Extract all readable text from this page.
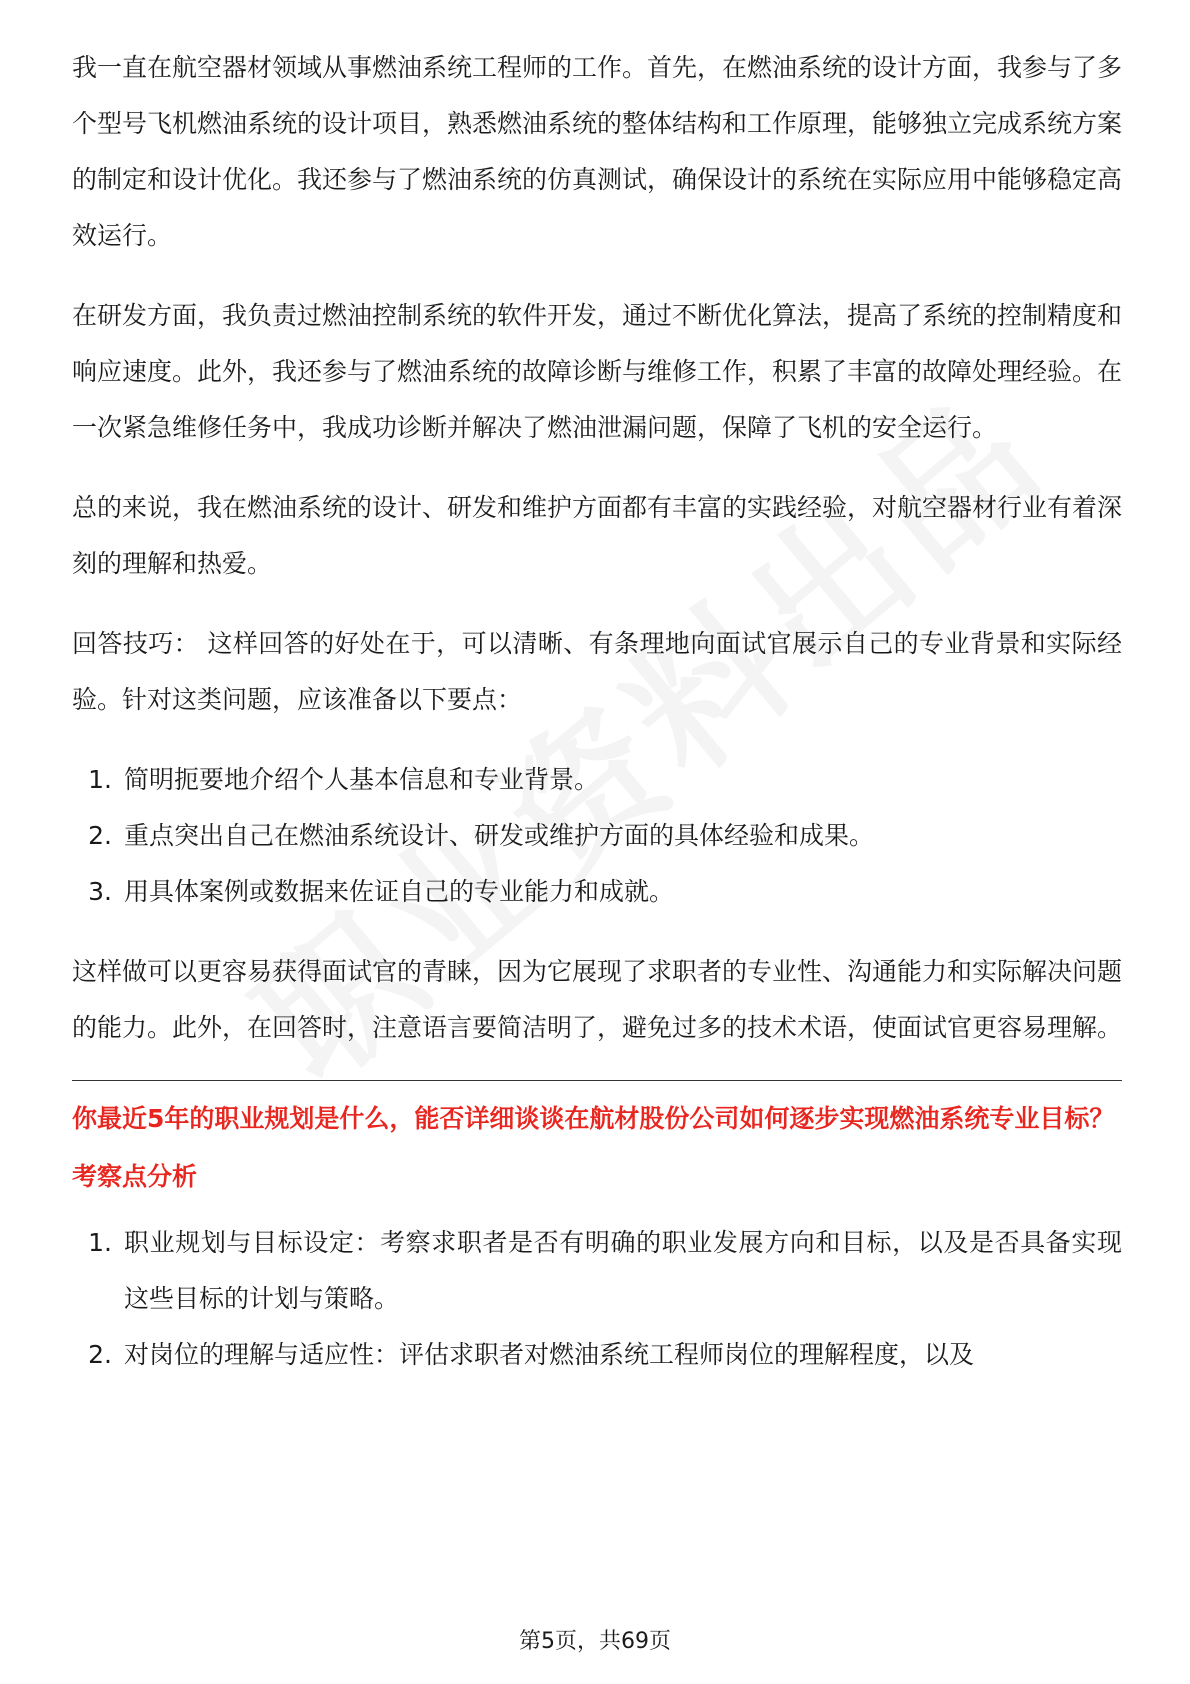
我一直在航空器材领域从事燃油系统工程师的工作。首先，在燃油系统的设计方面，我参与了多个型号飞机燃油系统的设计项目，熟悉燃油系统的整体结构和工作原理，能够独立完成系统方案的制定和设计优化。我还参与了燃油系统的仿真测试，确保设计的系统在实际应用中能够稳定高效运行。

在研发方面，我负责过燃油控制系统的软件开发，通过不断优化算法，提高了系统的控制精度和响应速度。此外，我还参与了燃油系统的故障诊断与维修工作，积累了丰富的故障处理经验。在一次紧急维修任务中，我成功诊断并解决了燃油泄漏问题，保障了飞机的安全运行。

总的来说，我在燃油系统的设计、研发和维护方面都有丰富的实践经验，对航空器材行业有着深刻的理解和热爱。

回答技巧： 这样回答的好处在于，可以清晰、有条理地向面试官展示自己的专业背景和实际经验。针对这类问题，应该准备以下要点：

1. 简明扼要地介绍个人基本信息和专业背景。
2. 重点突出自己在燃油系统设计、研发或维护方面的具体经验和成果。
3. 用具体案例或数据来佐证自己的专业能力和成就。

这样做可以更容易获得面试官的青睐，因为它展现了求职者的专业性、沟通能力和实际解决问题的能力。此外，在回答时，注意语言要简洁明了，避免过多的技术术语，使面试官更容易理解。

你最近5年的职业规划是什么，能否详细谈谈在航材股份公司如何逐步实现燃油系统专业目标？

考察点分析

1. 职业规划与目标设定：考察求职者是否有明确的职业发展方向和目标，以及是否具备实现这些目标的计划与策略。
2. 对岗位的理解与适应性：评估求职者对燃油系统工程师岗位的理解程度，以及
第5页，共69页
